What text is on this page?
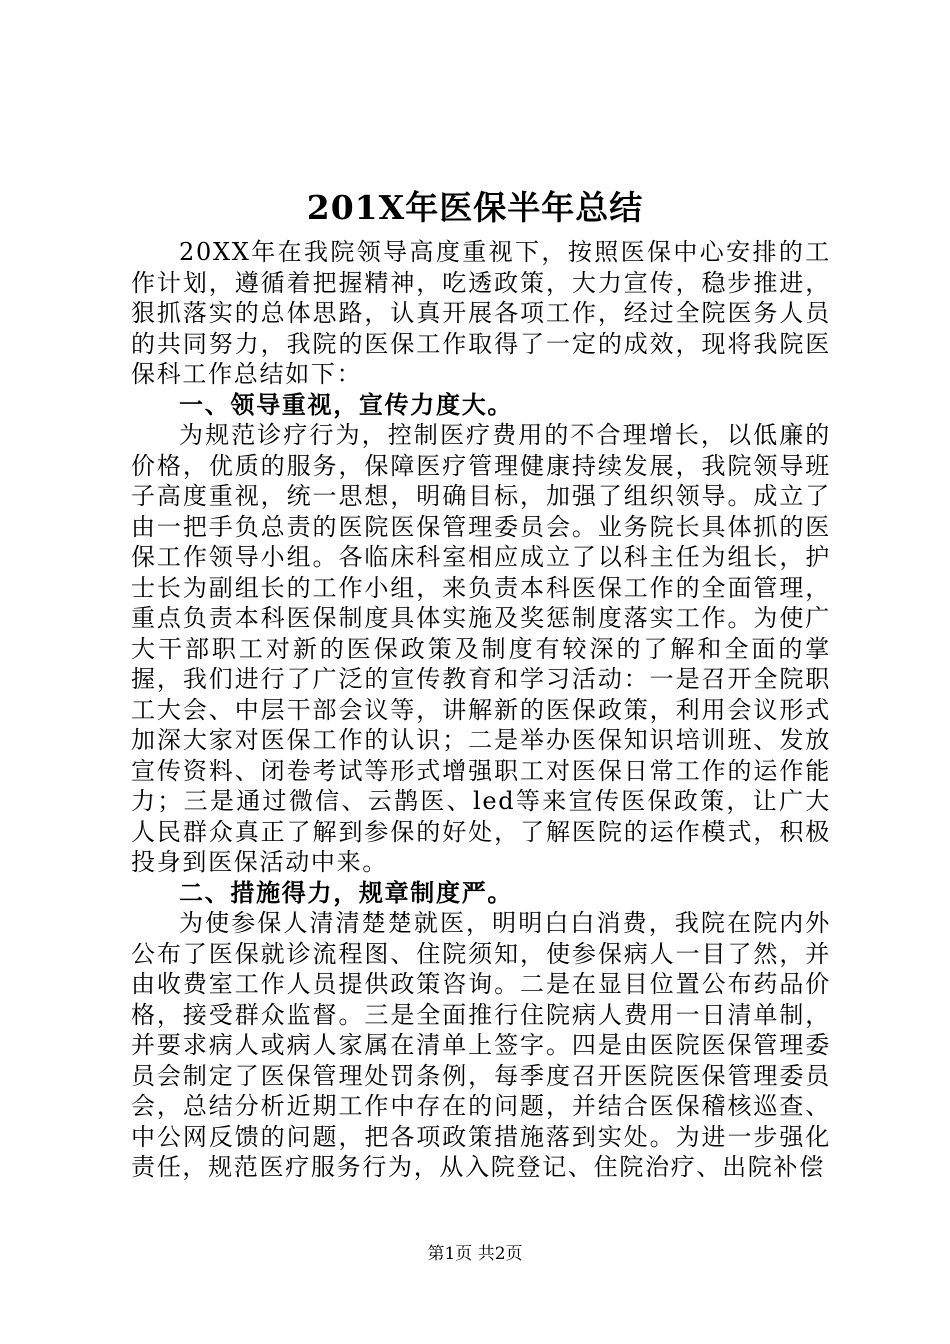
201X年医保半年总结

20XX年在我院领导高度重视下，按照医保中心安排的工作计划，遵循着把握精神，吃透政策，大力宣传，稳步推进，狠抓落实的总体思路，认真开展各项工作，经过全院医务人员的共同努力，我院的医保工作取得了一定的成效，现将我院医保科工作总结如下：

一、领导重视，宣传力度大。

为规范诊疗行为，控制医疗费用的不合理增长，以低廉的价格，优质的服务，保障医疗管理健康持续发展，我院领导班子高度重视，统一思想，明确目标，加强了组织领导。成立了由一把手负总责的医院医保管理委员会。业务院长具体抓的医保工作领导小组。各临床科室相应成立了以科主任为组长，护士长为副组长的工作小组，来负责本科医保工作的全面管理，重点负责本科医保制度具体实施及奖惩制度落实工作。为使广大干部职工对新的医保政策及制度有较深的了解和全面的掌握，我们进行了广泛的宣传教育和学习活动：一是召开全院职工大会、中层干部会议等，讲解新的医保政策，利用会议形式加深大家对医保工作的认识；二是举办医保知识培训班、发放宣传资料、闭卷考试等形式增强职工对医保日常工作的运作能力；三是通过微信、云鹊医、led等来宣传医保政策，让广大人民群众真正了解到参保的好处，了解医院的运作模式，积极投身到医保活动中来。

二、措施得力，规章制度严。

为使参保人清清楚楚就医，明明白白消费，我院在院内外公布了医保就诊流程图、住院须知，使参保病人一目了然，并由收费室工作人员提供政策咨询。二是在显目位置公布药品价格，接受群众监督。三是全面推行住院病人费用一日清单制，并要求病人或病人家属在清单上签字。四是由医院医保管理委员会制定了医保管理处罚条例，每季度召开医院医保管理委员会，总结分析近期工作中存在的问题，并结合医保稽核巡查、中公网反馈的问题，把各项政策措施落到实处。为进一步强化责任，规范医疗服务行为，从入院登记、住院治疗、出院补偿

第1页 共2页
